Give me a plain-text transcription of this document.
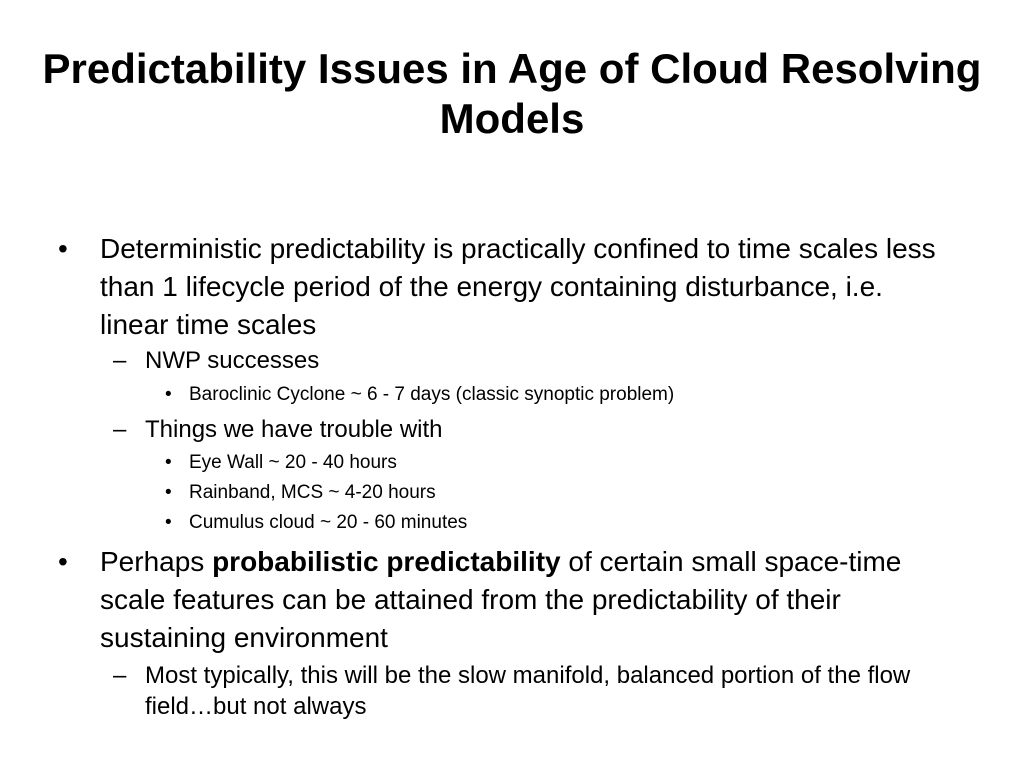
Predictability Issues in Age of Cloud Resolving Models
• Deterministic predictability is practically confined to time scales less than 1 lifecycle period of the energy containing disturbance, i.e. linear time scales
– NWP successes
• Baroclinic Cyclone ~ 6 - 7 days (classic synoptic problem)
– Things we have trouble with
• Eye Wall ~ 20 - 40 hours
• Rainband, MCS ~ 4-20 hours
• Cumulus cloud ~ 20 - 60 minutes
• Perhaps probabilistic predictability of certain small space-time scale features can be attained from the predictability of their sustaining environment
– Most typically, this will be the slow manifold, balanced portion of the flow field…but not always
